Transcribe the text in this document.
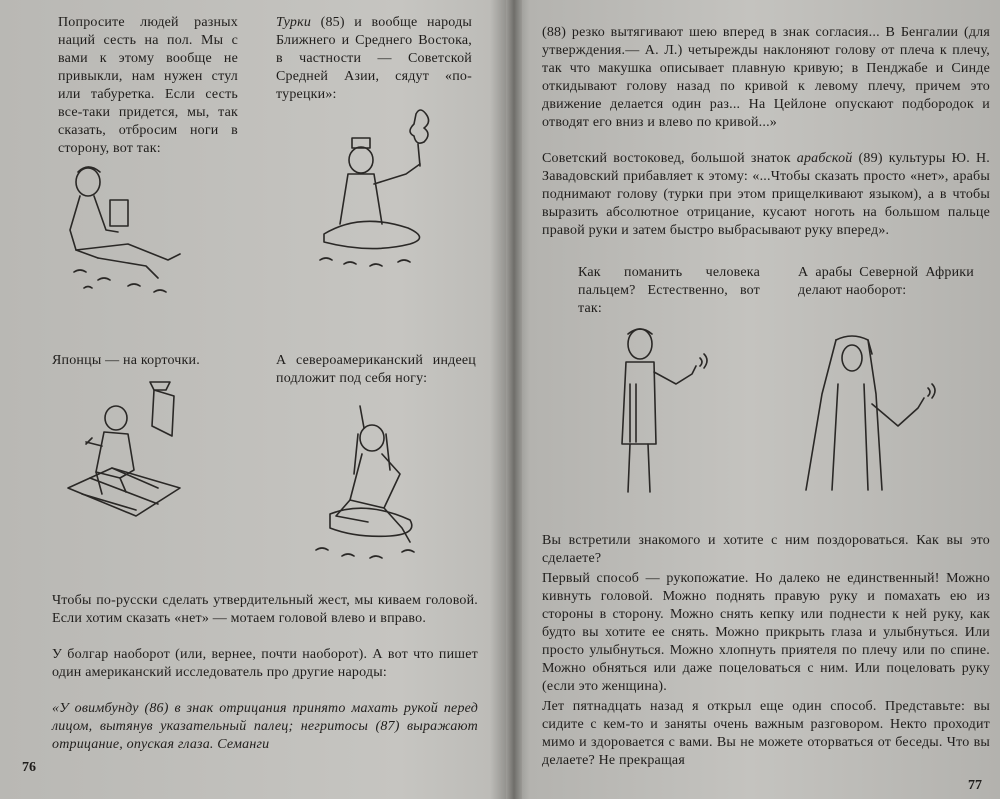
Попросите людей разных наций сесть на пол. Мы с вами к этому вообще не привыкли, нам нужен стул или табуретка. Если сесть все-таки придется, мы, так сказать, отбросим ноги в сторону, вот так:
Турки (85) и вообще народы Ближнего и Среднего Востока, в частности — Советской Средней Азии, сядут «по-турецки»:
Японцы — на корточки.	А североамериканский индеец подложит под себя ногу:
Чтобы по-русски сделать утвердительный жест, мы киваем головой. Если хотим сказать «нет» — мотаем головой влево и вправо.
У болгар наоборот (или, вернее, почти наоборот). А вот что пишет один американский исследователь про другие народы:
«У овимбунду (86) в знак отрицания принято махать рукой перед лицом, вытянув указательный палец; негритосы (87) выражают отрицание, опуская глаза. Семанги
76
(88) резко вытягивают шею вперед в знак согласия... В Бенгалии (для утверждения.— А. Л.) четырежды наклоняют голову от плеча к плечу, так что макушка описывает плавную кривую; в Пенджабе и Синде откидывают голову назад по кривой к левому плечу, причем это движение делается один раз... На Цейлоне опускают подбородок и отводят его вниз и влево по кривой...»
Советский востоковед, большой знаток арабской (89) культуры Ю. Н. Завадовский прибавляет к этому: «...Чтобы сказать просто «нет», арабы поднимают голову (турки при этом прищелкивают языком), а в чтобы выразить абсолютное отрицание, кусают ноготь на большом пальце правой руки и затем быстро выбрасывают руку вперед».
Как поманить человека пальцем? Естественно, вот так:
А арабы Северной Африки делают наоборот:
Вы встретили знакомого и хотите с ним поздороваться. Как вы это сделаете?
Первый способ — рукопожатие. Но далеко не единственный! Можно кивнуть головой. Можно поднять правую руку и помахать ею из стороны в сторону. Можно снять кепку или поднести к ней руку, как будто вы хотите ее снять. Можно прикрыть глаза и улыбнуться. Или просто улыбнуться. Можно хлопнуть приятеля по плечу или по спине. Можно обняться или даже поцеловаться с ним. Или поцеловать руку (если это женщина).
Лет пятнадцать назад я открыл еще один способ. Представьте: вы сидите с кем-то и заняты очень важным разговором. Некто проходит мимо и здоровается с вами. Вы не можете оторваться от беседы. Что вы делаете? Не прекращая
77
